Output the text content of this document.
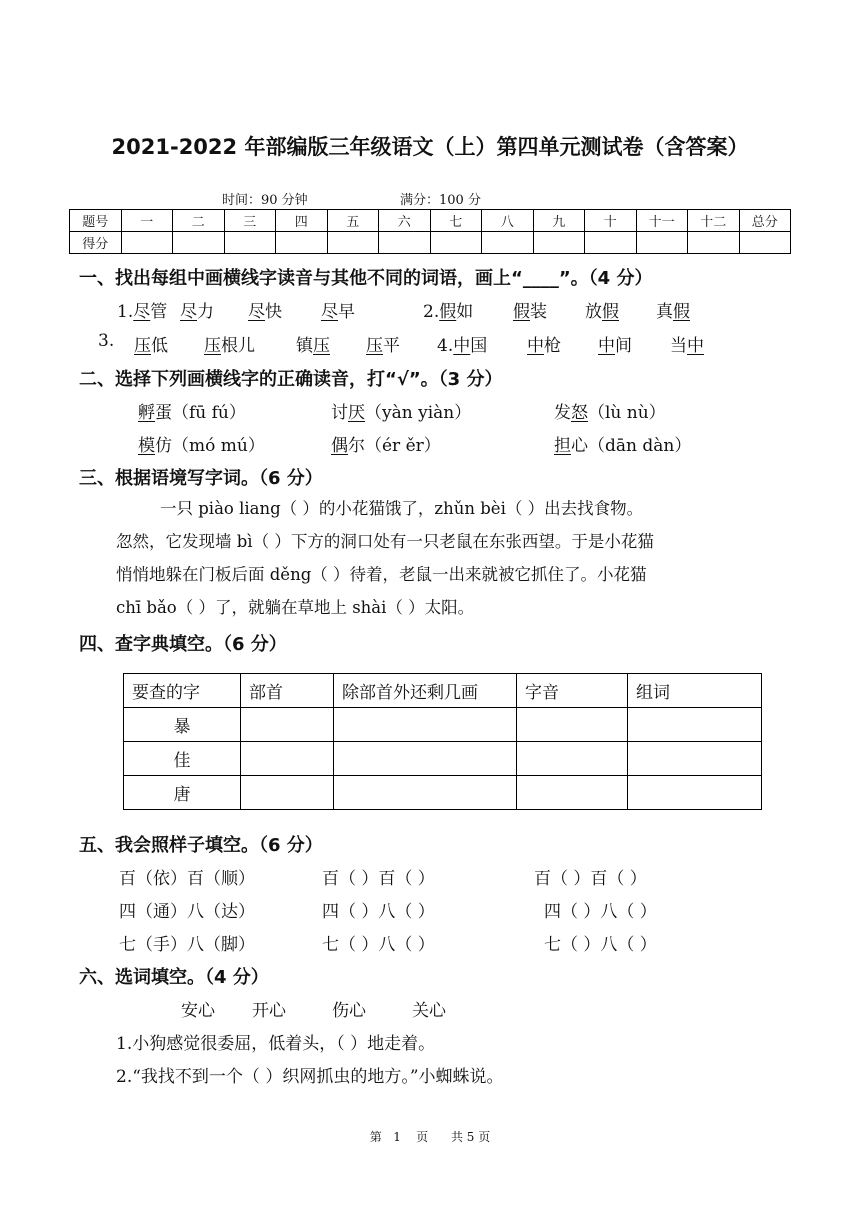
2021-2022 年部编版三年级语文（上）第四单元测试卷（含答案）
时间：90 分钟	满分：100 分
题号	一	二	三	四	五	六	七	八	九	十	十一	十二	总分
得分													
一、找出每组中画横线字读音与其他不同的词语，画上“____”。（4 分）
1.尽管 尽力 尽快 尽早	2.假如 假装 放假 真假
3. 压低 压根儿 镇压 压平 4.中国 中枪 中间 当中
二、选择下列画横线字的正确读音，打“√”。（3 分）
孵蛋（fū fú）	讨厌（yàn yiàn）	发怒（lù nù）
模仿（mó mú）	偶尔（ér ěr）	担心（dān dàn）
三、根据语境写字词。（6 分）
一只 piào liang（ ）的小花猫饿了，zhǔn bèi（ ）出去找食物。
忽然，它发现墙 bì（ ）下方的洞口处有一只老鼠在东张西望。于是小花猫
悄悄地躲在门板后面 děng（ ）待着，老鼠一出来就被它抓住了。小花猫
chī bǎo（ ）了，就躺在草地上 shài（ ）太阳。
四、查字典填空。（6 分）
要查的字	部首	除部首外还剩几画	字音	组词
暴				
佳				
唐				
五、我会照样子填空。（6 分）
百（依）百（顺）	百（ ）百（ ）	百（ ）百（ ）
四（通）八（达）	四（ ）八（ ）	四（ ）八（ ）
七（手）八（脚）	七（ ）八（ ）	七（ ）八（ ）
六、选词填空。（4 分）
安心 开心	伤心	关心
1.小狗感觉很委屈，低着头，（ ）地走着。
2.“我找不到一个（ ）织网抓虫的地方。”小蜘蛛说。
第   1    页      共 5 页
